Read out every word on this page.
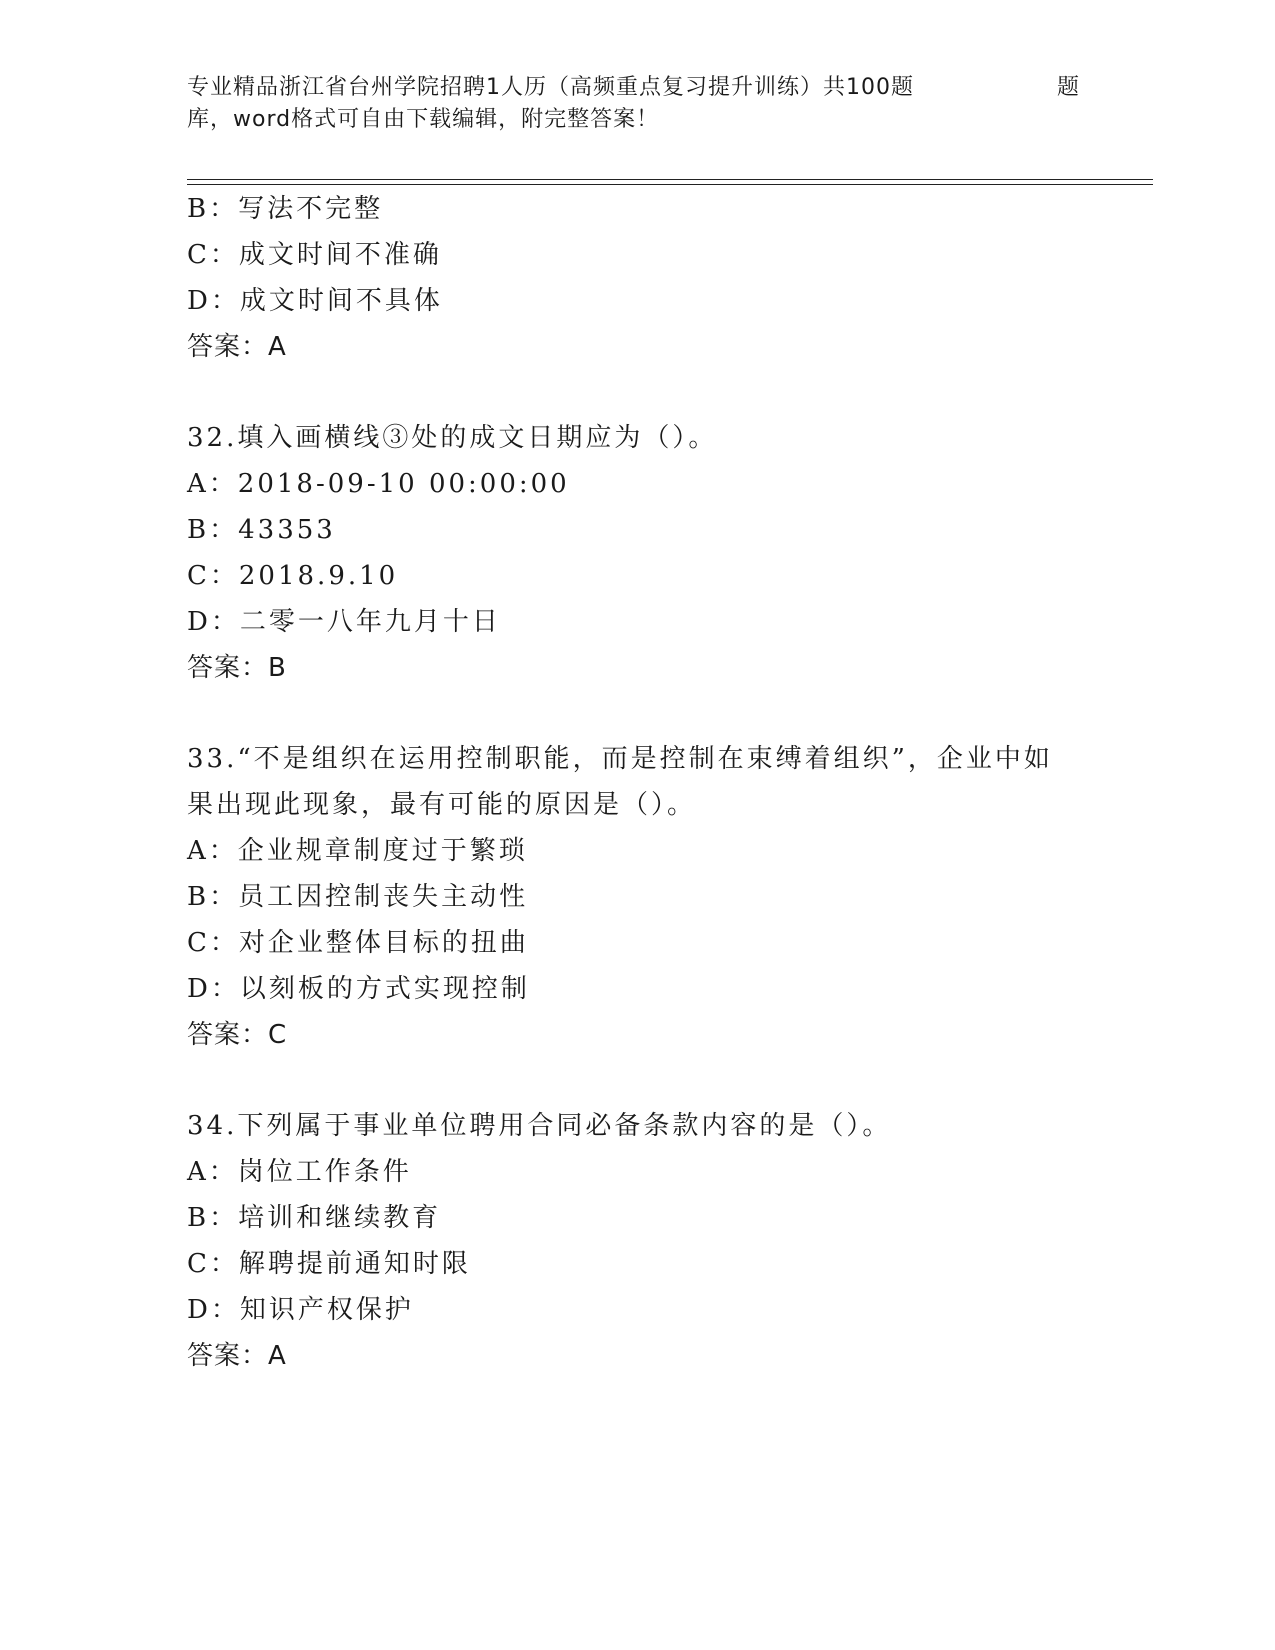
专业精品浙江省台州学院招聘1人历（高频重点复习提升训练）共100题	题
库，word格式可自由下载编辑，附完整答案！
B：写法不完整
C：成文时间不准确
D：成文时间不具体
答案：A
32.填入画横线③处的成文日期应为（）。
A：2018-09-10 00:00:00
B：43353
C：2018.9.10
D：二零一八年九月十日
答案：B
33.“不是组织在运用控制职能，而是控制在束缚着组织”，企业中如
果出现此现象，最有可能的原因是（）。
A：企业规章制度过于繁琐
B：员工因控制丧失主动性
C：对企业整体目标的扭曲
D：以刻板的方式实现控制
答案：C
34.下列属于事业单位聘用合同必备条款内容的是（）。
A：岗位工作条件
B：培训和继续教育
C：解聘提前通知时限
D：知识产权保护
答案：A
